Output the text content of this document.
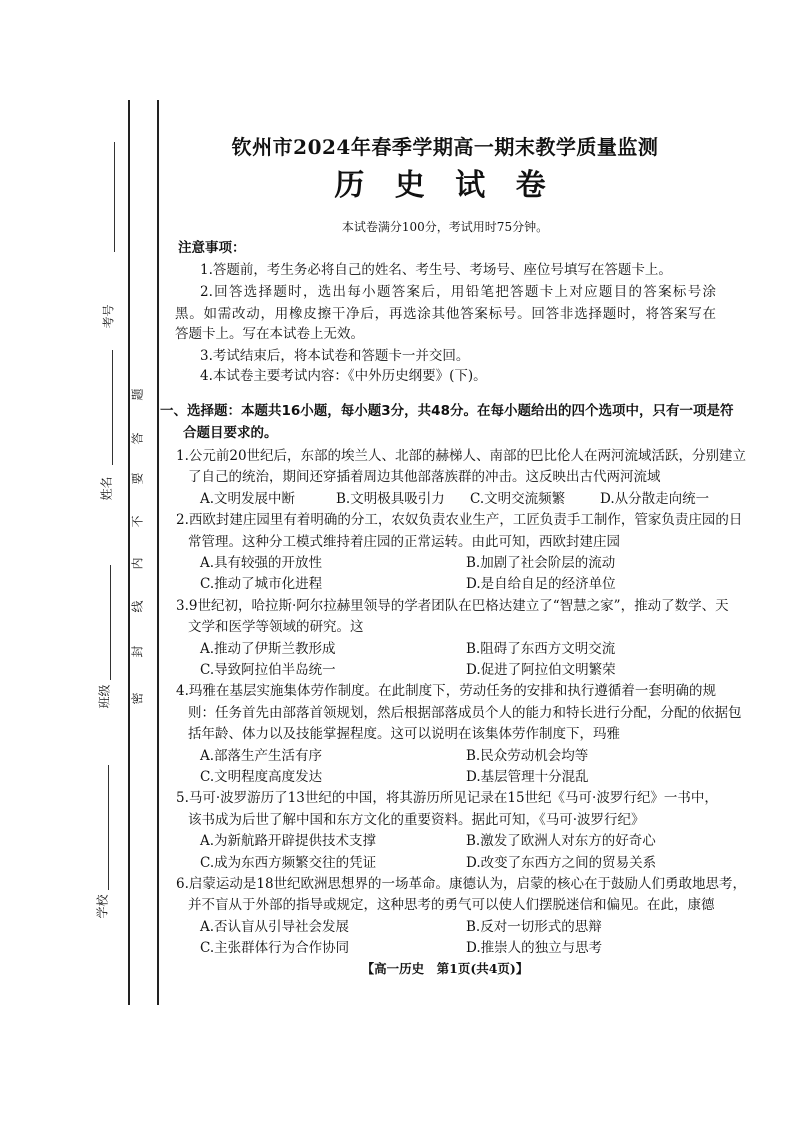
考号
姓名
班级
学校
密
封
线
内
不
要
答
题
钦州市2024年春季学期高一期末教学质量监测
历 史 试 卷
本试卷满分100分，考试用时75分钟。
注意事项：
1.答题前，考生务必将自己的姓名、考生号、考场号、座位号填写在答题卡上。
2.回答选择题时，选出每小题答案后，用铅笔把答题卡上对应题目的答案标号涂
黑。如需改动，用橡皮擦干净后，再选涂其他答案标号。回答非选择题时，将答案写在
答题卡上。写在本试卷上无效。
3.考试结束后，将本试卷和答题卡一并交回。
4.本试卷主要考试内容：《中外历史纲要》(下)。
一、选择题：本题共16小题，每小题3分，共48分。在每小题给出的四个选项中，只有一项是符
合题目要求的。
1.公元前20世纪后，东部的埃兰人、北部的赫梯人、南部的巴比伦人在两河流域活跃，分别建立
了自己的统治，期间还穿插着周边其他部落族群的冲击。这反映出古代两河流域
A.文明发展中断	B.文明极具吸引力 C.文明交流频繁	D.从分散走向统一
2.西欧封建庄园里有着明确的分工，农奴负责农业生产，工匠负责手工制作，管家负责庄园的日
常管理。这种分工模式维持着庄园的正常运转。由此可知，西欧封建庄园
A.具有较强的开放性	B.加剧了社会阶层的流动
C.推动了城市化进程	D.是自给自足的经济单位
3.9世纪初，哈拉斯·阿尔拉赫里领导的学者团队在巴格达建立了“智慧之家”，推动了数学、天
文学和医学等领域的研究。这
A.推动了伊斯兰教形成	B.阻碍了东西方文明交流
C.导致阿拉伯半岛统一	D.促进了阿拉伯文明繁荣
4.玛雅在基层实施集体劳作制度。在此制度下，劳动任务的安排和执行遵循着一套明确的规
则：任务首先由部落首领规划，然后根据部落成员个人的能力和特长进行分配，分配的依据包
括年龄、体力以及技能掌握程度。这可以说明在该集体劳作制度下，玛雅
A.部落生产生活有序	B.民众劳动机会均等
C.文明程度高度发达	D.基层管理十分混乱
5.马可·波罗游历了13世纪的中国，将其游历所见记录在15世纪《马可·波罗行纪》一书中，
该书成为后世了解中国和东方文化的重要资料。据此可知，《马可·波罗行纪》
A.为新航路开辟提供技术支撑	B.激发了欧洲人对东方的好奇心
C.成为东西方频繁交往的凭证	D.改变了东西方之间的贸易关系
6.启蒙运动是18世纪欧洲思想界的一场革命。康德认为，启蒙的核心在于鼓励人们勇敢地思考，
并不盲从于外部的指导或规定，这种思考的勇气可以使人们摆脱迷信和偏见。在此，康德
A.否认盲从引导社会发展	B.反对一切形式的思辩
C.主张群体行为合作协同	D.推崇人的独立与思考
【高一历史　第1页(共4页)】
